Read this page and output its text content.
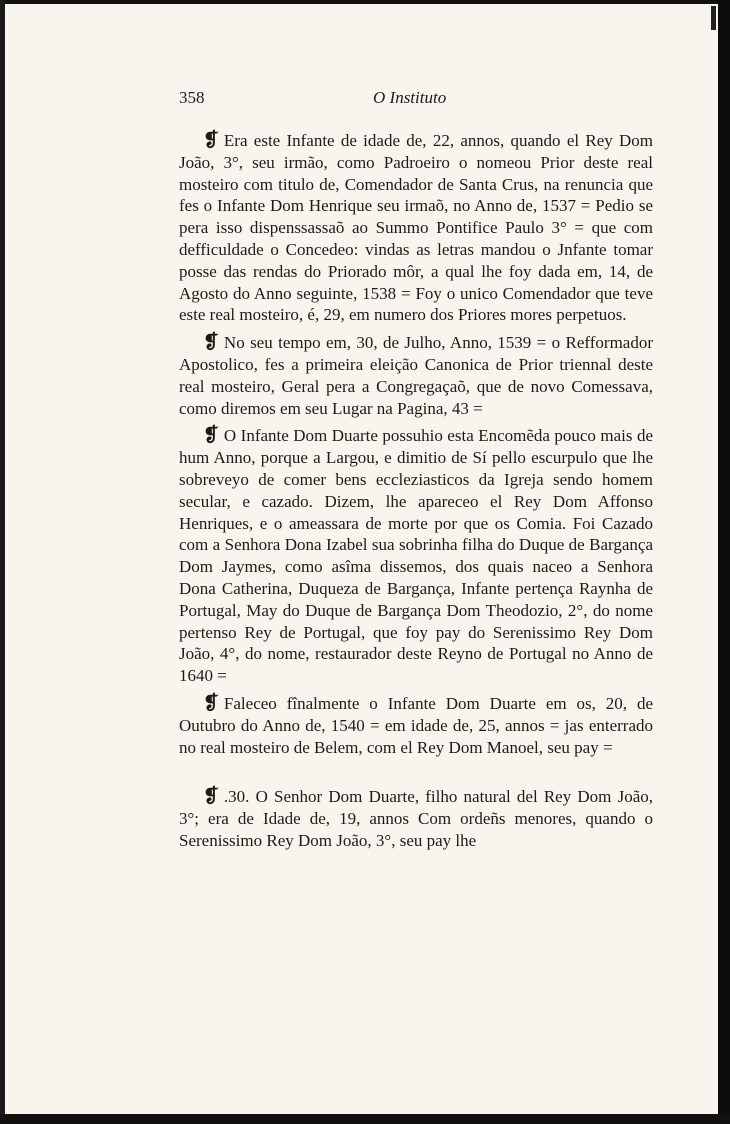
358	O Instituto

❡ Era este Infante de idade de, 22, annos, quando el Rey Dom João, 3°, seu irmão, como Padroeiro o nomeou Prior deste real mosteiro com titulo de, Comendador de Santa Crus, na renuncia que fes o Infante Dom Henrique seu irmaõ, no Anno de, 1537 = Pedio se pera isso dispenssassaõ ao Summo Pontifice Paulo 3° = que com defficuldade o Concedeo: vindas as letras mandou o Jnfante tomar posse das rendas do Priorado môr, a qual lhe foy dada em, 14, de Agosto do Anno seguinte, 1538 = Foy o unico Comendador que teve este real mosteiro, é, 29, em numero dos Priores mores perpetuos.

❡ No seu tempo em, 30, de Julho, Anno, 1539 = o Refformador Apostolico, fes a primeira eleição Canonica de Prior triennal deste real mosteiro, Geral pera a Congregaçaõ, que de novo Comessava, como diremos em seu Lugar na Pagina, 43 =

❡ O Infante Dom Duarte possuhio esta Encomẽda pouco mais de hum Anno, porque a Largou, e dimitio de Sí pello escurpulo que lhe sobreveyo de comer bens eccleziasticos da Igreja sendo homem secular, e cazado. Dizem, lhe apareceo el Rey Dom Affonso Henriques, e o ameassara de morte por que os Comia. Foi Cazado com a Senhora Dona Izabel sua sobrinha filha do Duque de Bargança Dom Jaymes, como asîma dissemos, dos quais naceo a Senhora Dona Catherina, Duqueza de Bargança, Infante pertença Raynha de Portugal, May do Duque de Bargança Dom Theodozio, 2°, do nome pertenso Rey de Portugal, que foy pay do Serenissimo Rey Dom João, 4°, do nome, restaurador deste Reyno de Portugal no Anno de 1640 =

❡ Faleceo fînalmente o Infante Dom Duarte em os, 20, de Outubro do Anno de, 1540 = em idade de, 25, annos = jas enterrado no real mosteiro de Belem, com el Rey Dom Manoel, seu pay =

❡ .30. O Senhor Dom Duarte, filho natural del Rey Dom João, 3°; era de Idade de, 19, annos Com ordeñs menores, quando o Serenissimo Rey Dom João, 3°, seu pay lhe
